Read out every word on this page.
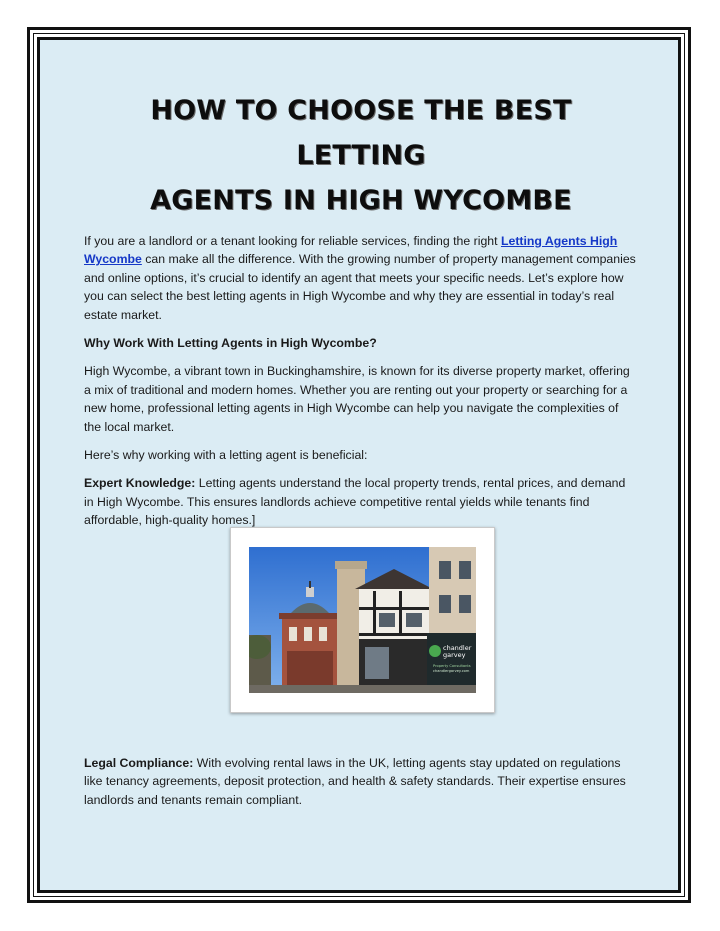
HOW TO CHOOSE THE BEST LETTING
AGENTS IN HIGH WYCOMBE

If you are a landlord or a tenant looking for reliable services, finding the right Letting Agents High Wycombe can make all the difference. With the growing number of property management companies and online options, it’s crucial to identify an agent that meets your specific needs. Let’s explore how you can select the best letting agents in High Wycombe and why they are essential in today’s real estate market.

Why Work With Letting Agents in High Wycombe?

High Wycombe, a vibrant town in Buckinghamshire, is known for its diverse property market, offering a mix of traditional and modern homes. Whether you are renting out your property or searching for a new home, professional letting agents in High Wycombe can help you navigate the complexities of the local market.

Here’s why working with a letting agent is beneficial:

Expert Knowledge: Letting agents understand the local property trends, rental prices, and demand in High Wycombe. This ensures landlords achieve competitive rental yields while tenants find affordable, high-quality homes.]

chandler
garvey
Property Consultants
chandlergarvey.com

Legal Compliance: With evolving rental laws in the UK, letting agents stay updated on regulations like tenancy agreements, deposit protection, and health & safety standards. Their expertise ensures landlords and tenants remain compliant.
